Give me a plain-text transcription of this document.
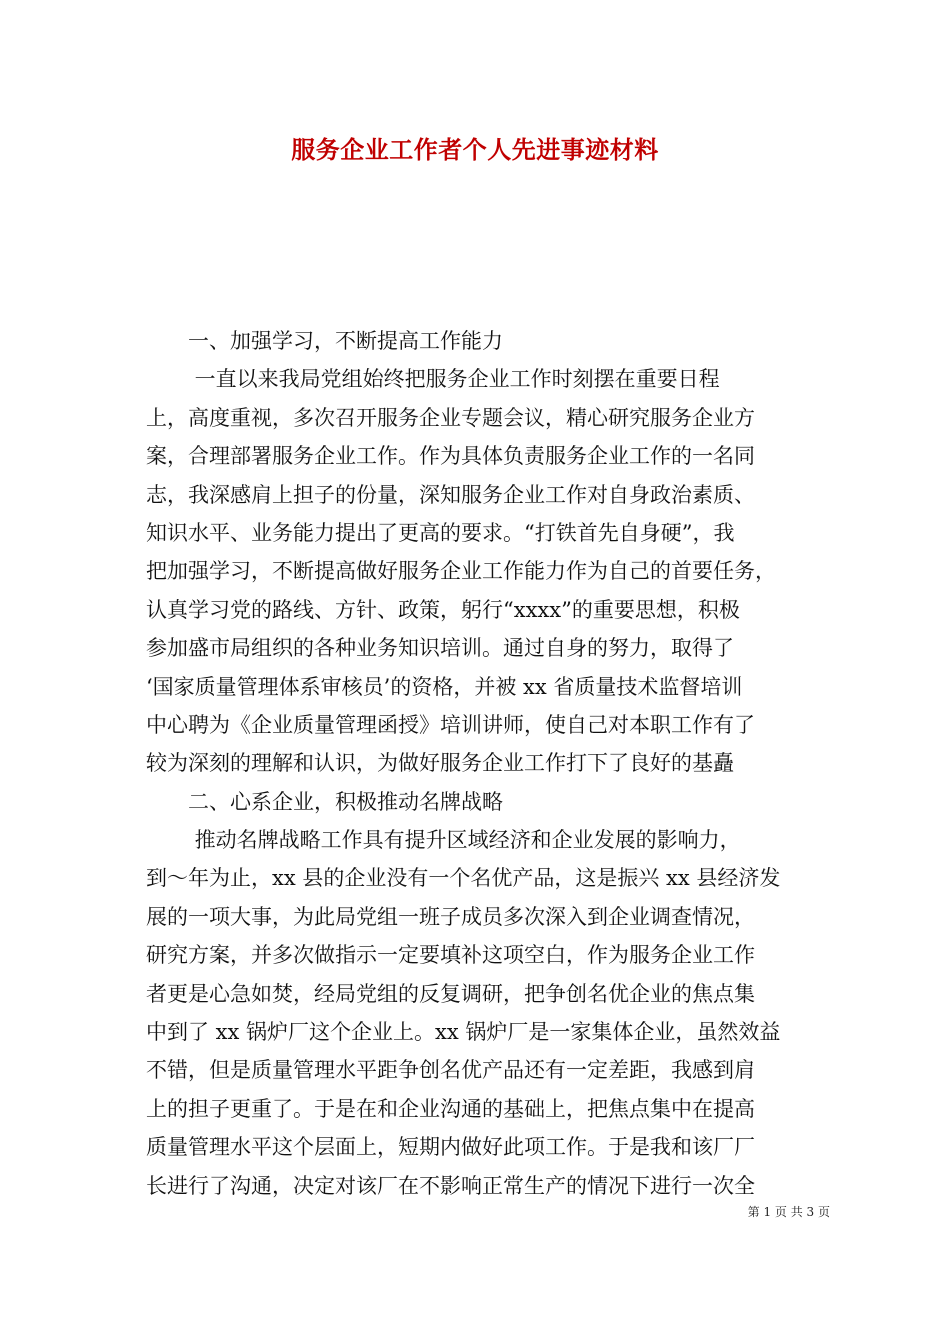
服务企业工作者个人先进事迹材料
　　一、加强学习，不断提高工作能力
　　 一直以来我局党组始终把服务企业工作时刻摆在重要日程
上，高度重视，多次召开服务企业专题会议，精心研究服务企业方
案，合理部署服务企业工作。作为具体负责服务企业工作的一名同
志，我深感肩上担子的份量，深知服务企业工作对自身政治素质、
知识水平、业务能力提出了更高的要求。“打铁首先自身硬”，我
把加强学习，不断提高做好服务企业工作能力作为自己的首要任务，
认真学习党的路线、方针、政策，躬行“xxxx”的重要思想，积极
参加盛市局组织的各种业务知识培训。通过自身的努力，取得了
‘国家质量管理体系审核员’的资格，并被 xx 省质量技术监督培训
中心聘为《企业质量管理函授》培训讲师，使自己对本职工作有了
较为深刻的理解和认识，为做好服务企业工作打下了良好的基矗
　　二、心系企业，积极推动名牌战略
　　 推动名牌战略工作具有提升区域经济和企业发展的影响力，
到～年为止，xx 县的企业没有一个名优产品，这是振兴 xx 县经济发
展的一项大事，为此局党组一班子成员多次深入到企业调查情况，
研究方案，并多次做指示一定要填补这项空白，作为服务企业工作
者更是心急如焚，经局党组的反复调研，把争创名优企业的焦点集
中到了 xx 锅炉厂这个企业上。xx 锅炉厂是一家集体企业，虽然效益
不错，但是质量管理水平距争创名优产品还有一定差距，我感到肩
上的担子更重了。于是在和企业沟通的基础上，把焦点集中在提高
质量管理水平这个层面上，短期内做好此项工作。于是我和该厂厂
长进行了沟通，决定对该厂在不影响正常生产的情况下进行一次全
第 1 页 共 3 页
